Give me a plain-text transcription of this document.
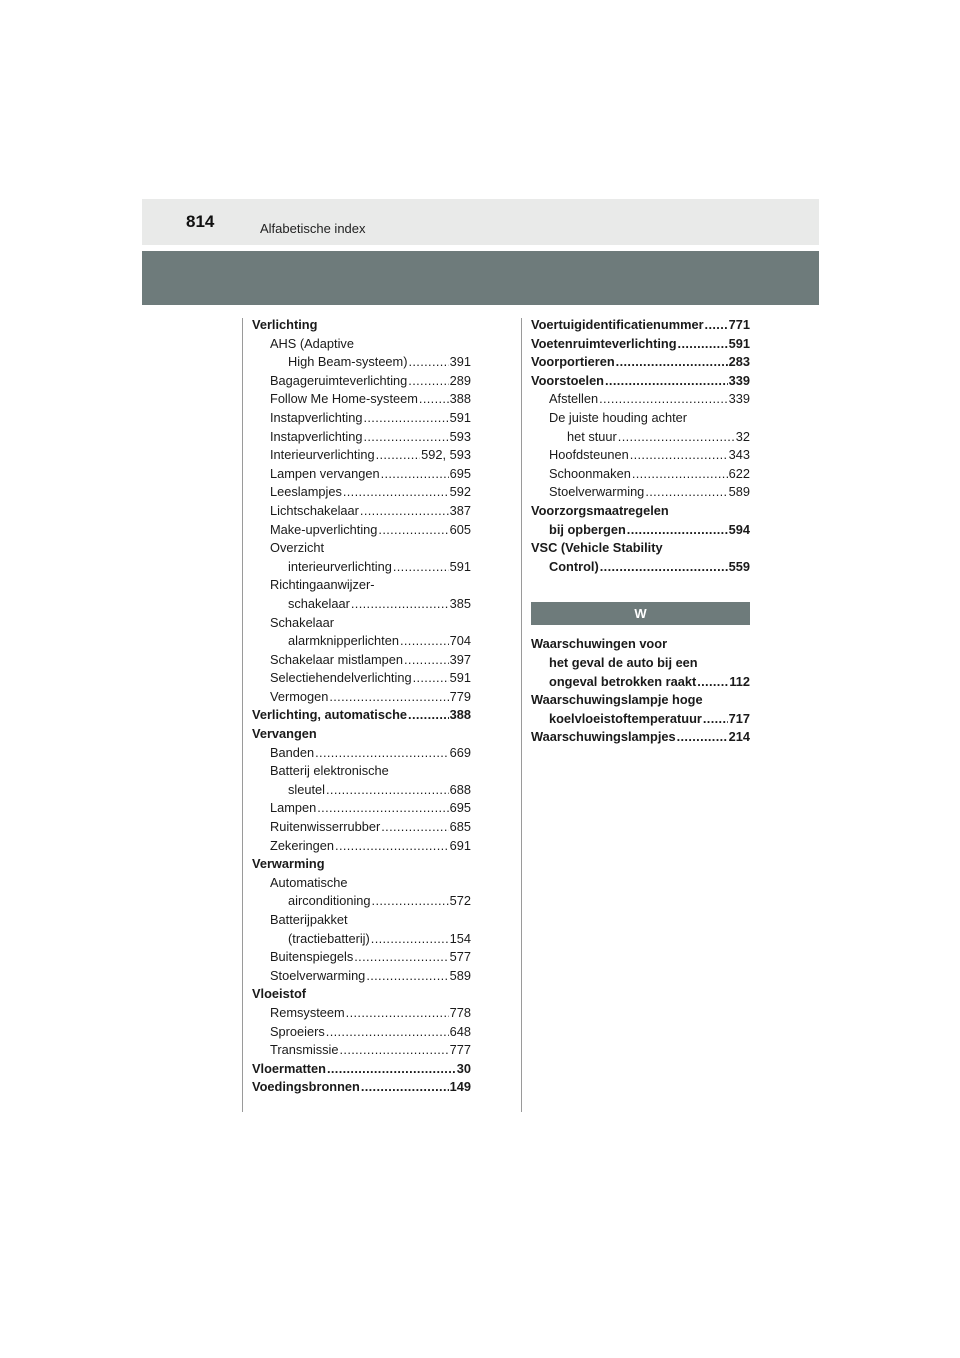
814	Alfabetische index
Verlichting
AHS (Adaptive
High Beam-systeem) . . .	391
Bagageruimteverlichting . . .	289
Follow Me Home-systeem . . . 388
Instapverlichting . . .	591
Instapverlichting . . .	593
Interieurverlichting . . .	592, 593
Lampen vervangen . . .	695
Leeslampjes . . .	592
Lichtschakelaar . . .	387
Make-upverlichting . . .	605
Overzicht
interieurverlichting . . .	591
Richtingaanwijzer-
schakelaar . . .	385
Schakelaar
alarmknipperlichten . . .	704
Schakelaar mistlampen . . .	397
Selectiehendelverlichting . . .	591
Vermogen . . .	779
Verlichting, automatische . . .	388
Vervangen
Banden . . .	669
Batterij elektronische
sleutel . . .	688
Lampen . . .	695
Ruitenwisserrubber . . .	685
Zekeringen . . .	691
Verwarming
Automatische
airconditioning . . .	572
Batterijpakket
(tractiebatterij) . . .	154
Buitenspiegels . . .	577
Stoelverwarming . . .	589
Vloeistof
Remsysteem . . .	778
Sproeiers . . .	648
Transmissie . . .	777
Vloermatten . . .	30
Voedingsbronnen . . .	149
Voertuigidentificatienummer . . . 771
Voetenruimteverlichting . . .	591
Voorportieren . . .	283
Voorstoelen . . .	339
Afstellen . . .	339
De juiste houding achter
het stuur . . .	32
Hoofdsteunen . . .	343
Schoonmaken . . .	622
Stoelverwarming . . .	589
Voorzorgsmaatregelen
bij opbergen . . .	594
VSC (Vehicle Stability
Control) . . .	559
W
Waarschuwingen voor
het geval de auto bij een
ongeval betrokken raakt . . .	112
Waarschuwingslampje hoge
koelvloeistoftemperatuur . . . 717
Waarschuwingslampjes . . .	214
